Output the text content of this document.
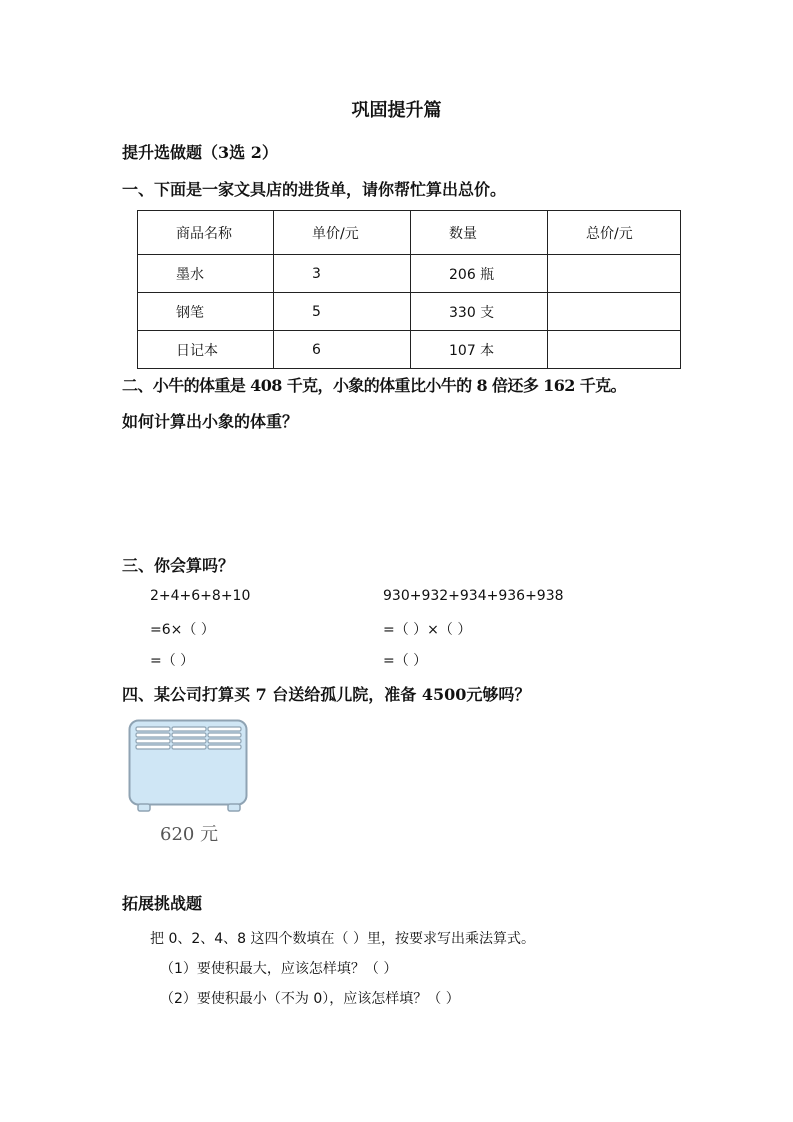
巩固提升篇
提升选做题（3选 2）
一、下面是一家文具店的进货单，请你帮忙算出总价。
商品名称	单价/元	数量	总价/元
墨水	3	206 瓶	
钢笔	5	330 支	
日记本	6	107 本	
二、小牛的体重是 408 千克，小象的体重比小牛的 8 倍还多 162 千克。
如何计算出小象的体重？
三、你会算吗？
2+4+6+8+10
=6×（ ）
=（ ）
930+932+934+936+938
=（ ）×（ ）
=（ ）
四、某公司打算买 7 台送给孤儿院，准备 4500元够吗？
620 元
拓展挑战题
把 0、2、4、8 这四个数填在（ ）里，按要求写出乘法算式。
（1）要使积最大，应该怎样填？（ ）
（2）要使积最小（不为 0），应该怎样填？（ ）
